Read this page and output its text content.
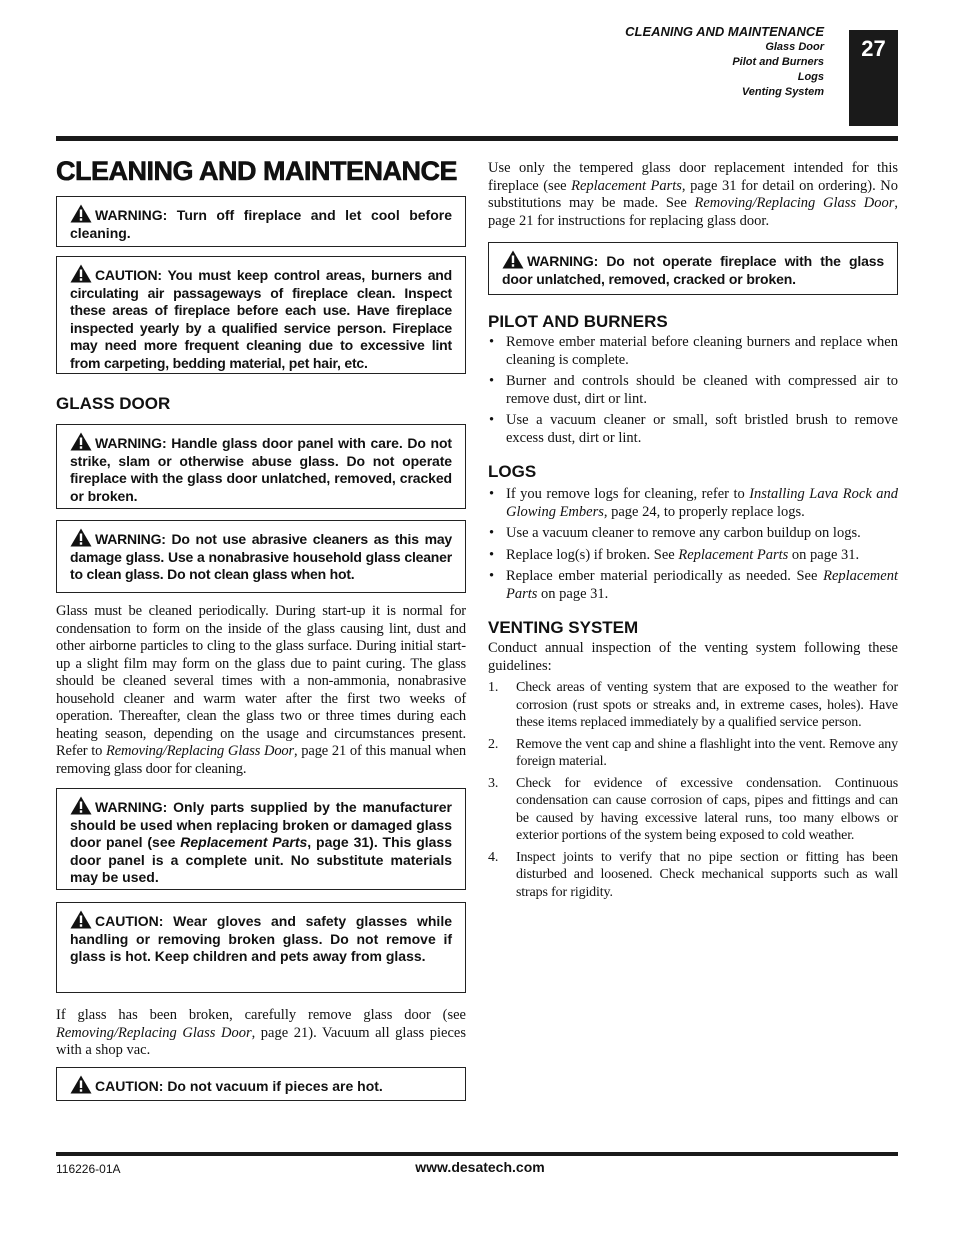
CLEANING AND MAINTENANCE
Glass Door
Pilot and Burners
Logs
Venting System
27
CLEANING AND MAINTENANCE
WARNING: Turn off fireplace and let cool before cleaning.
CAUTION: You must keep control areas, burners and circulating air passageways of fireplace clean. Inspect these areas of fireplace before each use. Have fireplace inspected yearly by a qualified service person. Fireplace may need more frequent cleaning due to excessive lint from carpeting, bedding material, pet hair, etc.
GLASS DOOR
WARNING: Handle glass door panel with care. Do not strike, slam or otherwise abuse glass. Do not operate fireplace with the glass door unlatched, removed, cracked or broken.
WARNING: Do not use abrasive cleaners as this may damage glass. Use a nonabrasive household glass cleaner to clean glass. Do not clean glass when hot.

Glass must be cleaned periodically. During start-up it is normal for condensation to form on the inside of the glass causing lint, dust and other airborne particles to cling to the glass surface. During initial start-up a slight film may form on the glass due to paint curing. The glass should be cleaned several times with a non-ammonia, nonabrasive household cleaner and warm water after the first two weeks of operation. Thereafter, clean the glass two or three times during each heating season, depending on the usage and circumstances present. Refer to Removing/Replacing Glass Door, page 21 of this manual when removing glass door for cleaning.

WARNING: Only parts supplied by the manufacturer should be used when replacing broken or damaged glass door panel (see Replacement Parts, page 31). This glass door panel is a complete unit. No substitute materials may be used.
CAUTION: Wear gloves and safety glasses while handling or removing broken glass. Do not remove if glass is hot. Keep children and pets away from glass.

If glass has been broken, carefully remove glass door (see Removing/Replacing Glass Door, page 21). Vacuum all glass pieces with a shop vac.

CAUTION: Do not vacuum if pieces are hot.

Use only the tempered glass door replacement intended for this fireplace (see Replacement Parts, page 31 for detail on ordering). No substitutions may be made. See Removing/Replacing Glass Door, page 21 for instructions for replacing glass door.

WARNING: Do not operate fireplace with the glass door unlatched, removed, cracked or broken.
PILOT AND BURNERS
• Remove ember material before cleaning burners and replace when cleaning is complete.
• Burner and controls should be cleaned with compressed air to remove dust, dirt or lint.
• Use a vacuum cleaner or small, soft bristled brush to remove excess dust, dirt or lint.
LOGS
• If you remove logs for cleaning, refer to Installing Lava Rock and Glowing Embers, page 24, to properly replace logs.
• Use a vacuum cleaner to remove any carbon buildup on logs.
• Replace log(s) if broken. See Replacement Parts on page 31.
• Replace ember material periodically as needed. See Replacement Parts on page 31.
VENTING SYSTEM

Conduct annual inspection of the venting system following these guidelines:

1. Check areas of venting system that are exposed to the weather for corrosion (rust spots or streaks and, in extreme cases, holes). Have these items replaced immediately by a qualified service person.
2. Remove the vent cap and shine a flashlight into the vent. Remove any foreign material.
3. Check for evidence of excessive condensation. Continuous condensation can cause corrosion of caps, pipes and fittings and can be caused by having excessive lateral runs, too many elbows or exterior portions of the system being exposed to cold weather.
4. Inspect joints to verify that no pipe section or fitting has been disturbed and loosened. Check mechanical supports such as wall straps for rigidity.
116226-01A	www.desatech.com
